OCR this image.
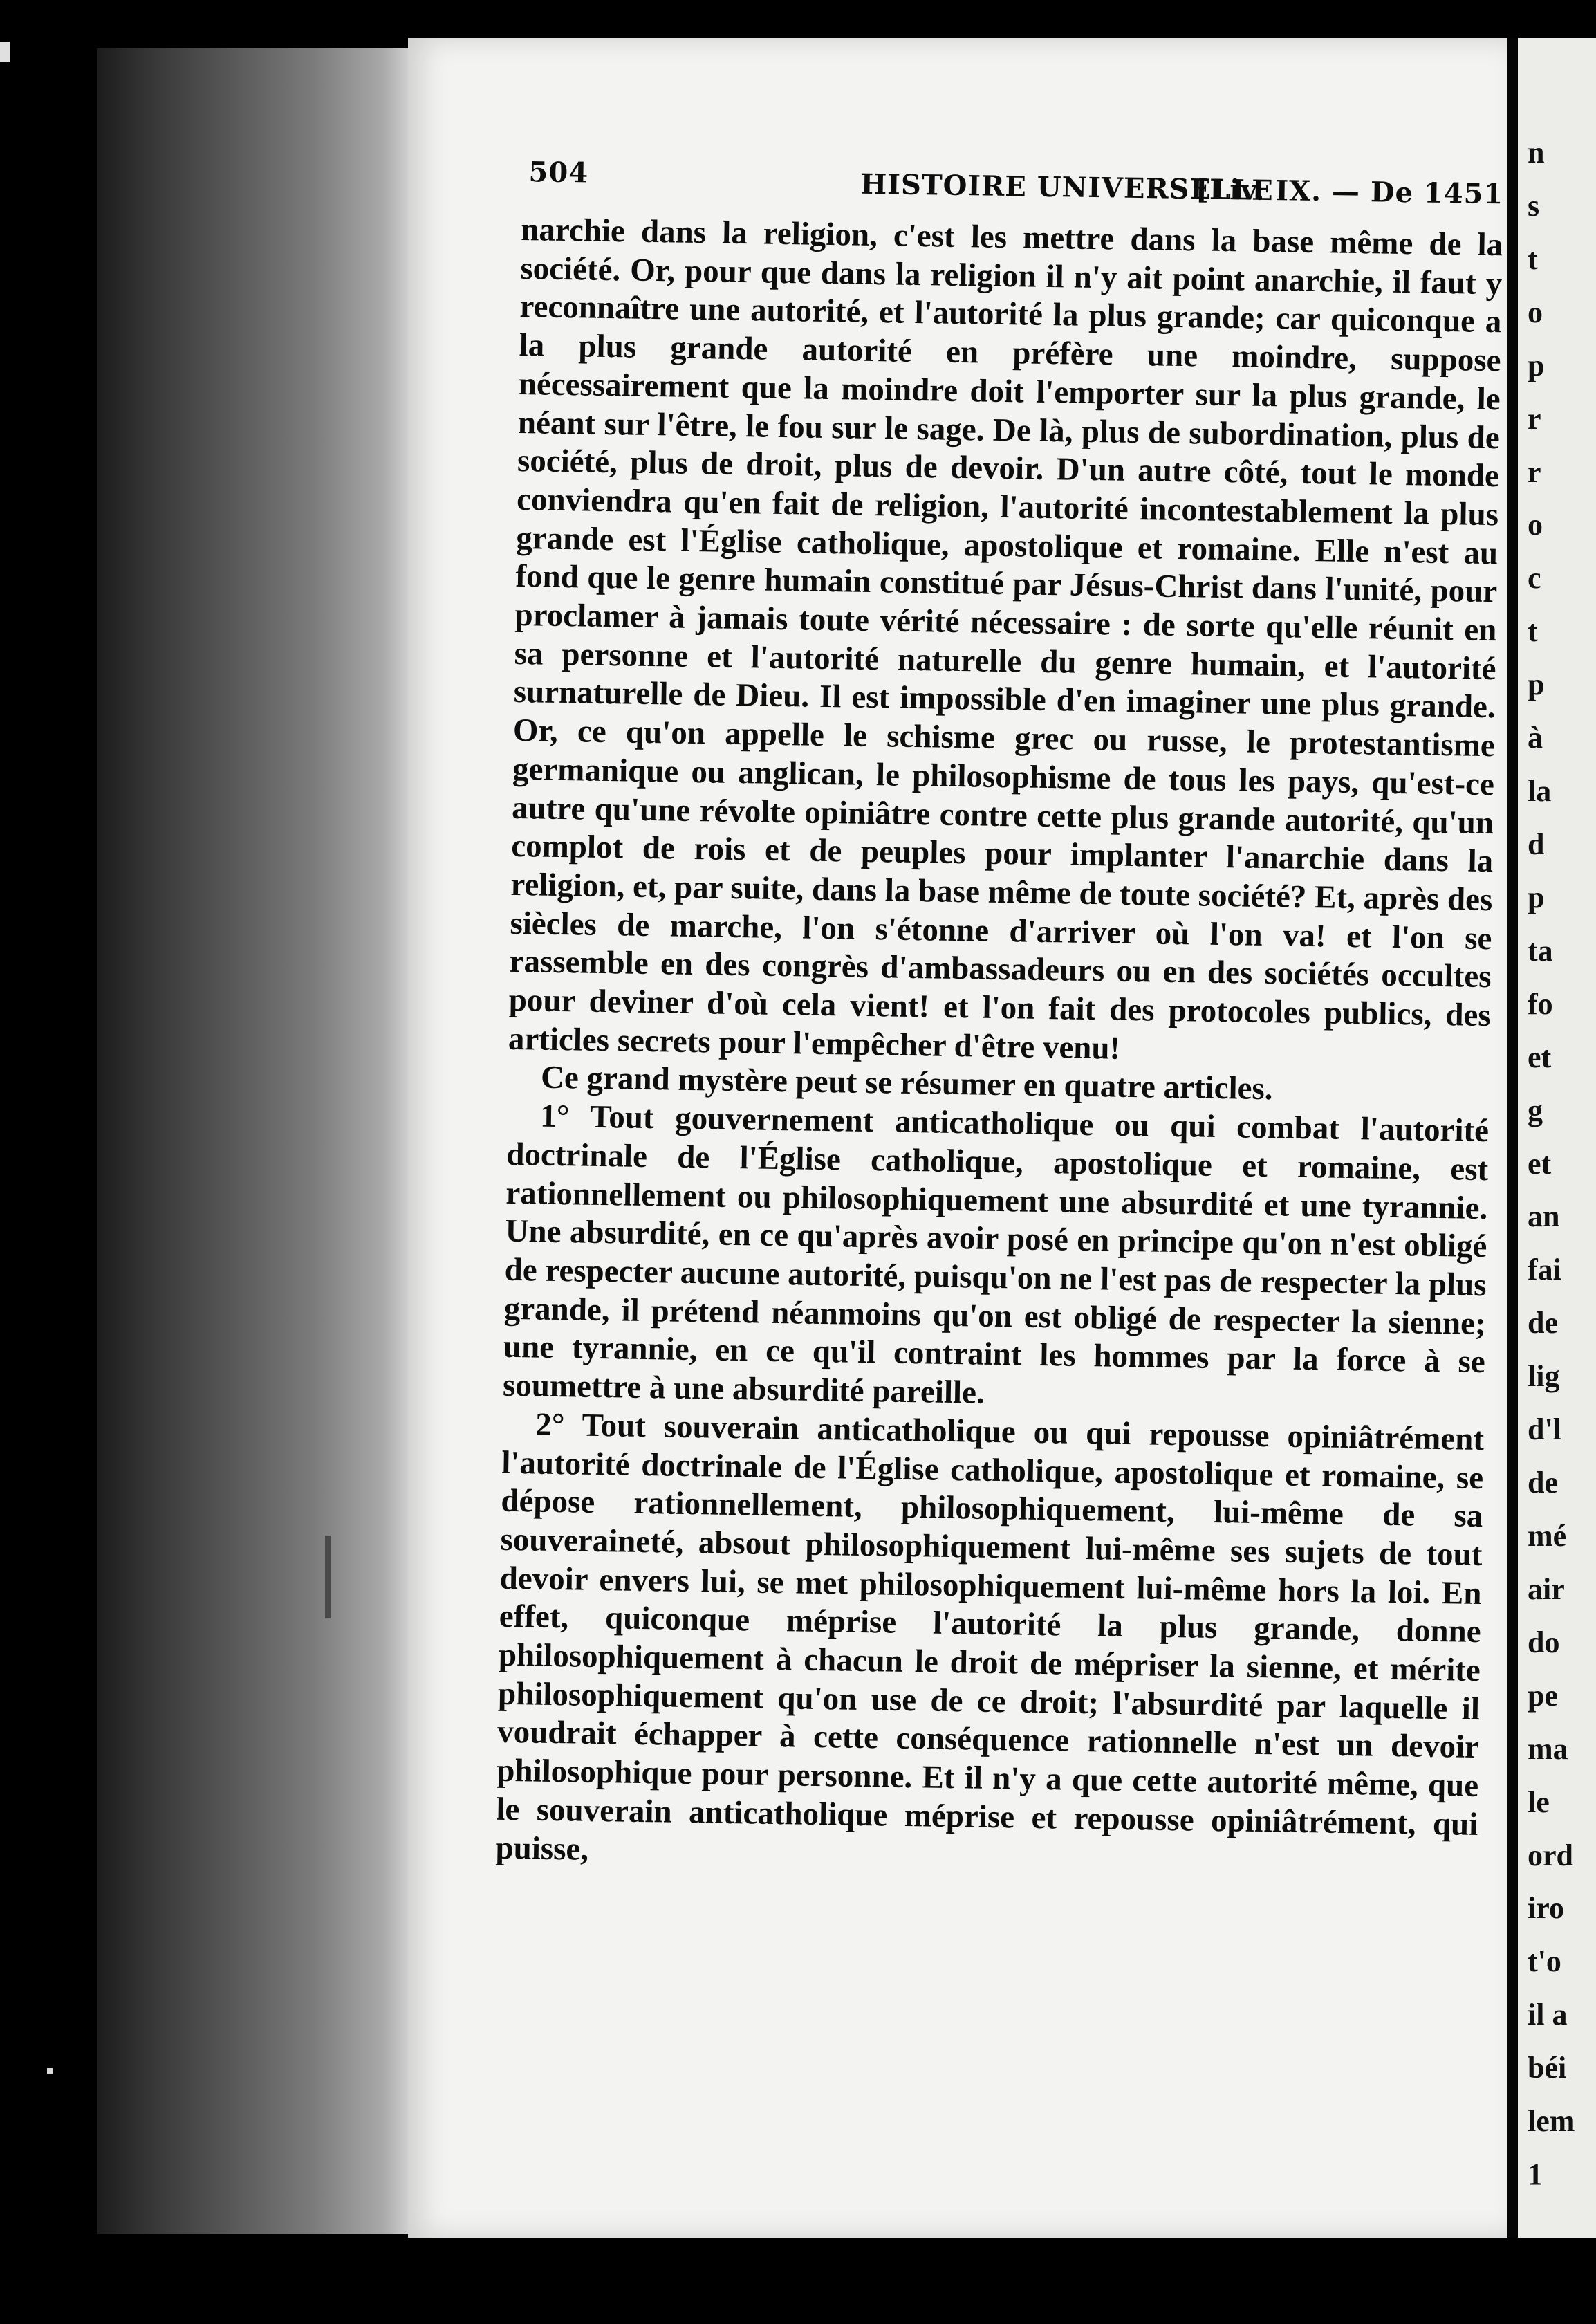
504	HISTOIRE UNIVERSELLE
[Liv. IX. — De 1451

narchie dans la religion, c'est les mettre dans la base même de la société. Or, pour que dans la religion il n'y ait point anarchie, il faut y reconnaître une autorité, et l'autorité la plus grande; car quiconque a la plus grande autorité en préfère une moindre, suppose nécessairement que la moindre doit l'emporter sur la plus grande, le néant sur l'être, le fou sur le sage. De là, plus de subordination, plus de société, plus de droit, plus de devoir. D'un autre côté, tout le monde conviendra qu'en fait de religion, l'autorité incontestablement la plus grande est l'Église catholique, apostolique et romaine. Elle n'est au fond que le genre humain constitué par Jésus-Christ dans l'unité, pour proclamer à jamais toute vérité nécessaire : de sorte qu'elle réunit en sa personne et l'autorité naturelle du genre humain, et l'autorité surnaturelle de Dieu. Il est impossible d'en imaginer une plus grande. Or, ce qu'on appelle le schisme grec ou russe, le protestantisme germanique ou anglican, le philosophisme de tous les pays, qu'est-ce autre qu'une révolte opiniâtre contre cette plus grande autorité, qu'un complot de rois et de peuples pour implanter l'anarchie dans la religion, et, par suite, dans la base même de toute société? Et, après des siècles de marche, l'on s'étonne d'arriver où l'on va! et l'on se rassemble en des congrès d'ambassadeurs ou en des sociétés occultes pour deviner d'où cela vient! et l'on fait des protocoles publics, des articles secrets pour l'empêcher d'être venu!

Ce grand mystère peut se résumer en quatre articles.

1° Tout gouvernement anticatholique ou qui combat l'autorité doctrinale de l'Église catholique, apostolique et romaine, est rationnellement ou philosophiquement une absurdité et une tyrannie. Une absurdité, en ce qu'après avoir posé en principe qu'on n'est obligé de respecter aucune autorité, puisqu'on ne l'est pas de respecter la plus grande, il prétend néanmoins qu'on est obligé de respecter la sienne; une tyrannie, en ce qu'il contraint les hommes par la force à se soumettre à une absurdité pareille.

2° Tout souverain anticatholique ou qui repousse opiniâtrément l'autorité doctrinale de l'Église catholique, apostolique et romaine, se dépose rationnellement, philosophiquement, lui-même de sa souveraineté, absout philosophiquement lui-même ses sujets de tout devoir envers lui, se met philosophiquement lui-même hors la loi. En effet, quiconque méprise l'autorité la plus grande, donne philosophiquement à chacun le droit de mépriser la sienne, et mérite philosophiquement qu'on use de ce droit; l'absurdité par laquelle il voudrait échapper à cette conséquence rationnelle n'est un devoir philosophique pour personne. Et il n'y a que cette autorité même, que le souverain anticatholique méprise et repousse opiniâtrément, qui puisse,

n
s
t
o
p
r
r
o
c
t
p
à
la
d
p
ta
fo
et
g
et
an
fai
de
lig
d'l
de
mé
air
do
pe
ma
le
ord
iro
t'o
il a
béi
lem
1
